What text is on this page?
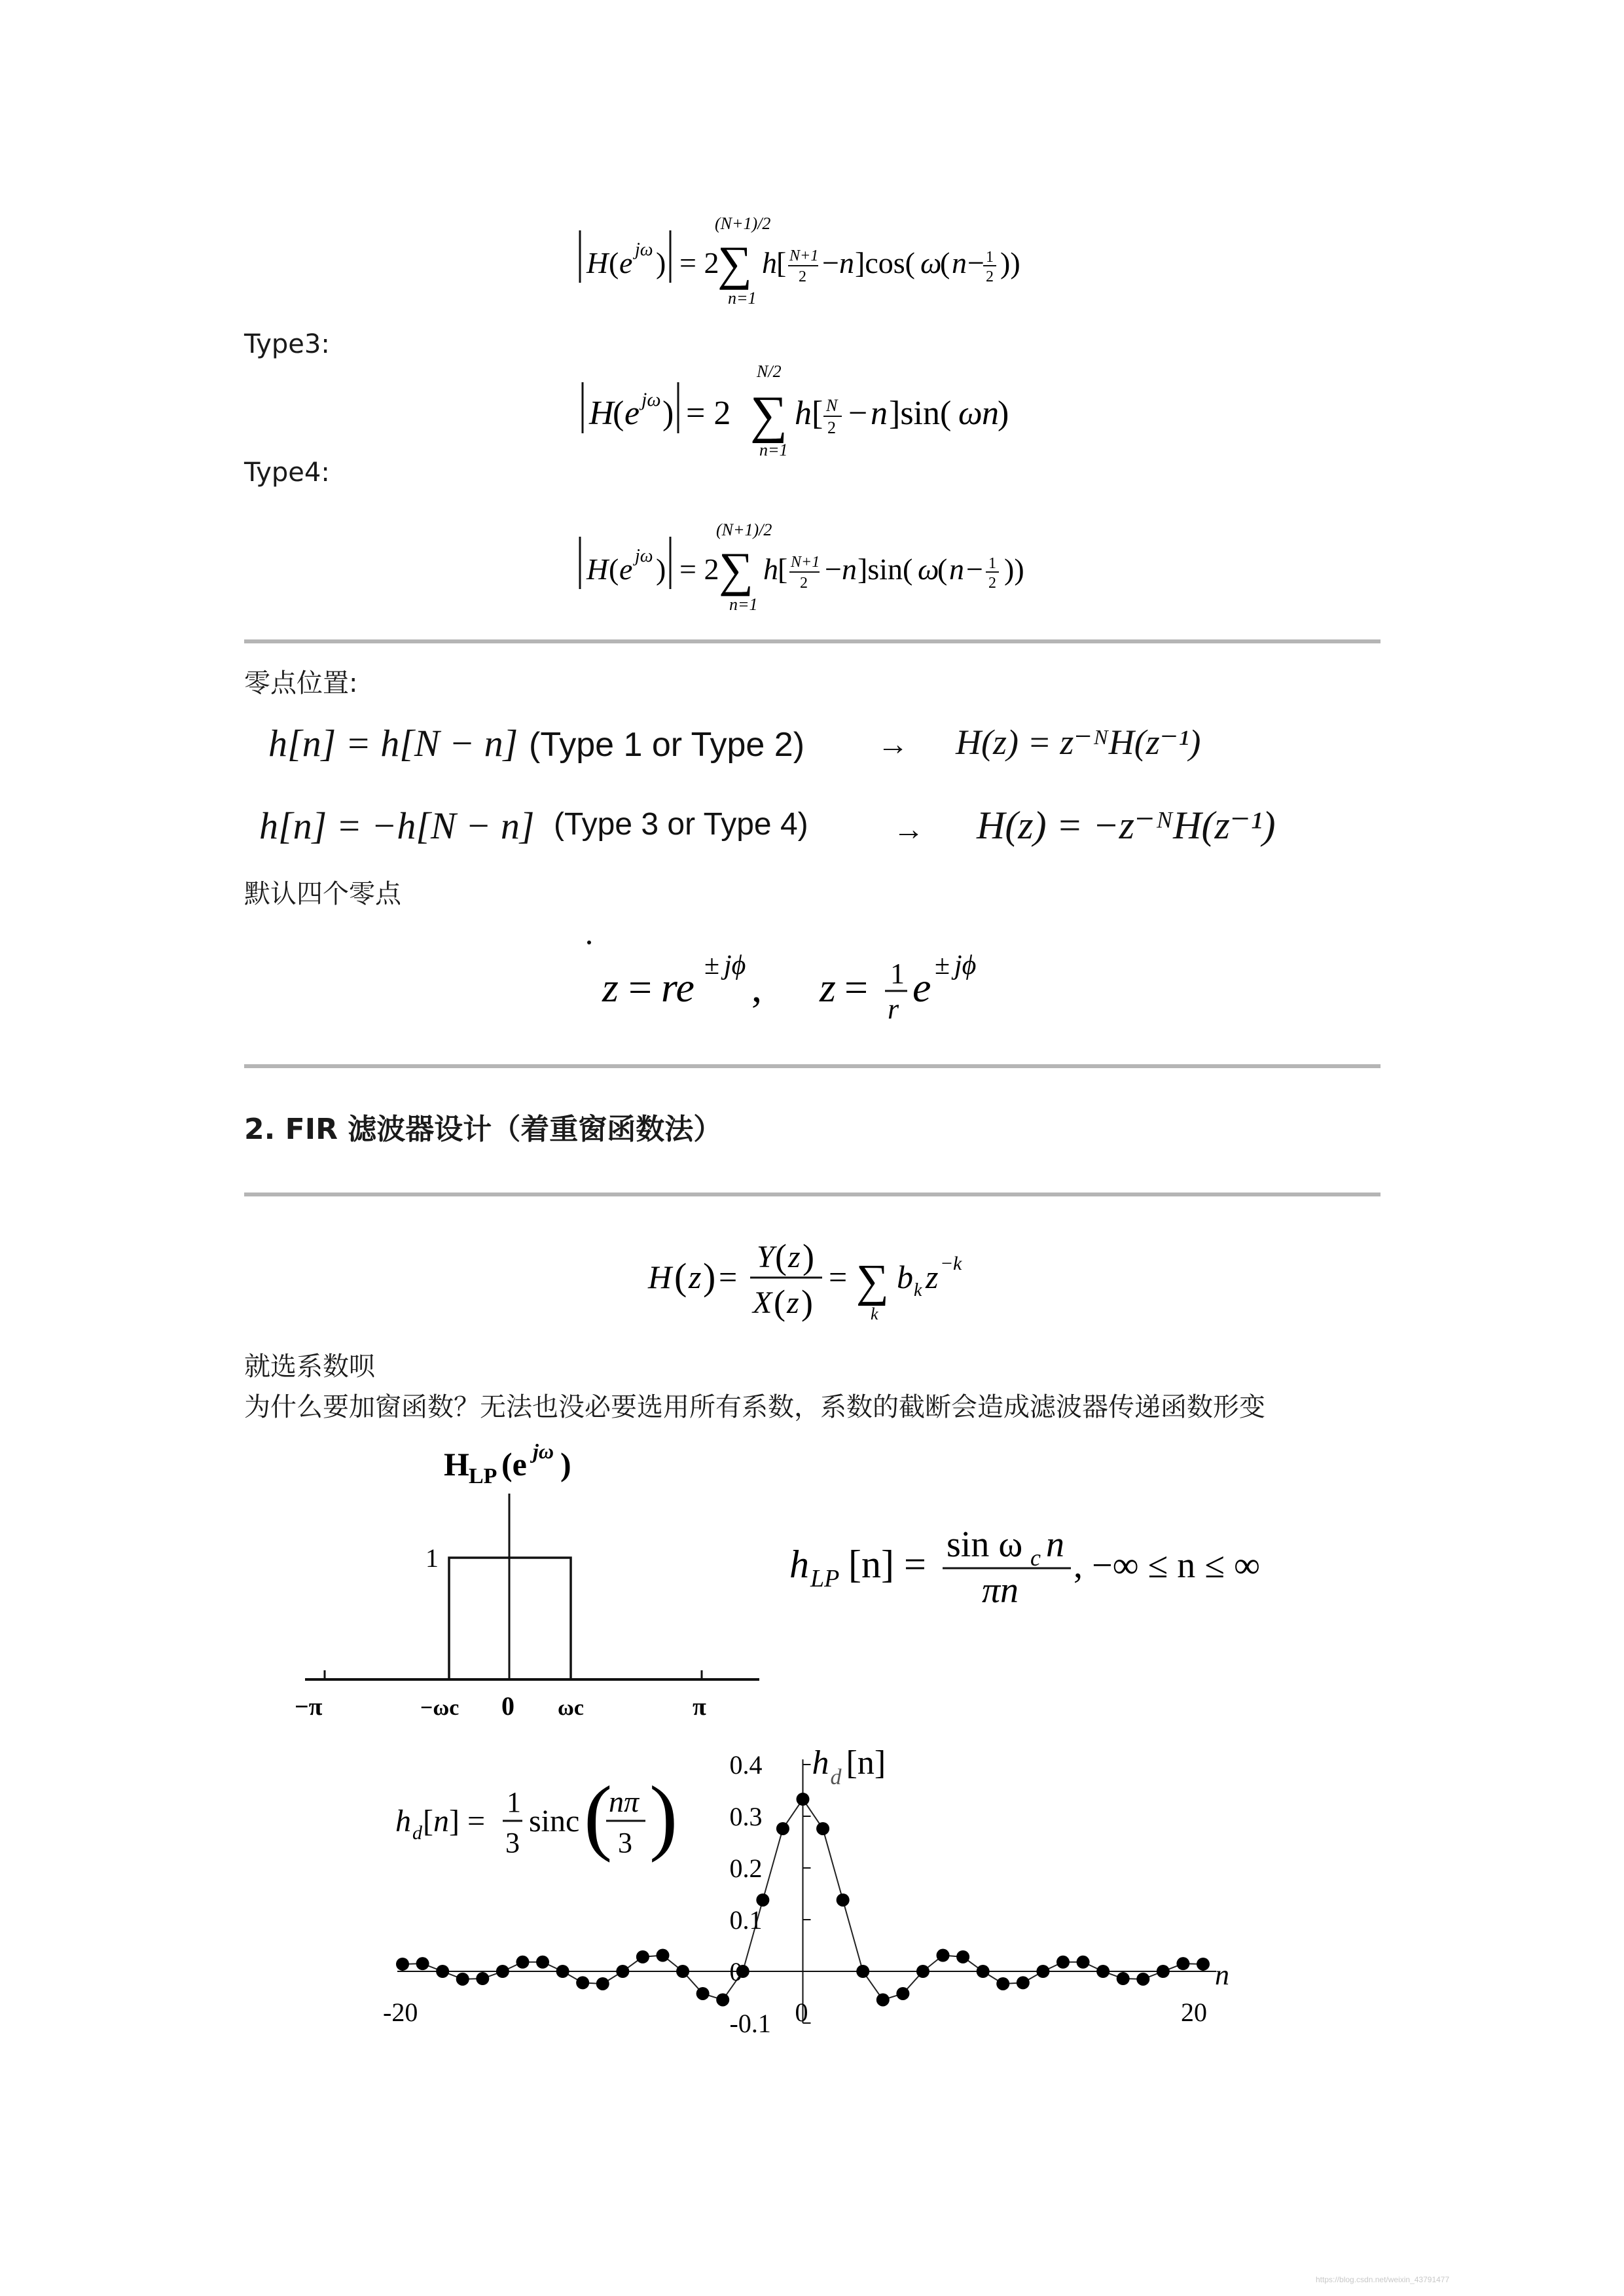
H ( e jω ) = 2
(N+1)/2
∑
n=1
h [ N+1
2 − n ]cos( ω
( n − 1
2 ))
Type3:
H
( e jω ) = 2
N/2
∑
n=1
h [ N
2 − n ]sin( ω n
)
Type4:
H ( e jω ) = 2
(N+1)/2
∑
n=1
h [ N+1
2 − n ]sin( ω
( n − 1
2 ))
零点位置:
h[n] = h[N − n] (Type 1 or Type 2) → H(z) = z⁻ᴺH(z⁻¹)
h[n] = −h[N − n] (Type 3 or Type 4)	→ H(z) = −z⁻ᴺH(z⁻¹)
默认四个零点
z = re ± jϕ , z = 1
r e ± jϕ
2. FIR 滤波器设计（着重窗函数法）
H ( z ) =
Y ( z )
X ( z )
= ∑
k
b k z − k
就选系数呗
为什么要加窗函数？无法也没必要选用所有系数，系数的截断会造成滤波器传递函数形变
H LP (e jω )
1
−π	−ωc 0 ωc	π
h LP [n] = sin ω c n
πn
, −∞ ≤ n ≤ ∞
h d [ n ] =
1
3
sinc (
nπ
3 )
0.4
0.3
0.2
0.1
0
-0.1
-20	0	20
n
h d [n]
https://blog.csdn.net/weixin_43791477
